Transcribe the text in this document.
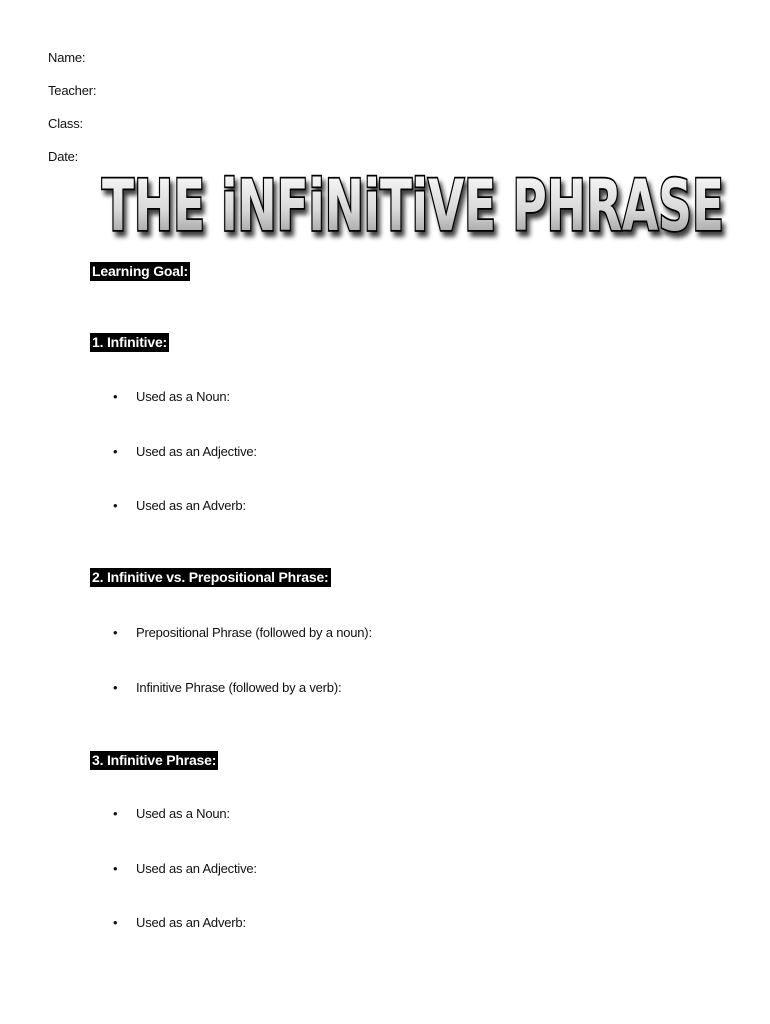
Name:
Teacher:
Class:
Date:
THE iNFiNiTiVE PHRASE
Learning Goal:
1. Infinitive:
• Used as a Noun:
• Used as an Adjective:
• Used as an Adverb:
2. Infinitive vs. Prepositional Phrase:
• Prepositional Phrase (followed by a noun):
• Infinitive Phrase (followed by a verb):
3. Infinitive Phrase:
• Used as a Noun:
• Used as an Adjective:
• Used as an Adverb:
